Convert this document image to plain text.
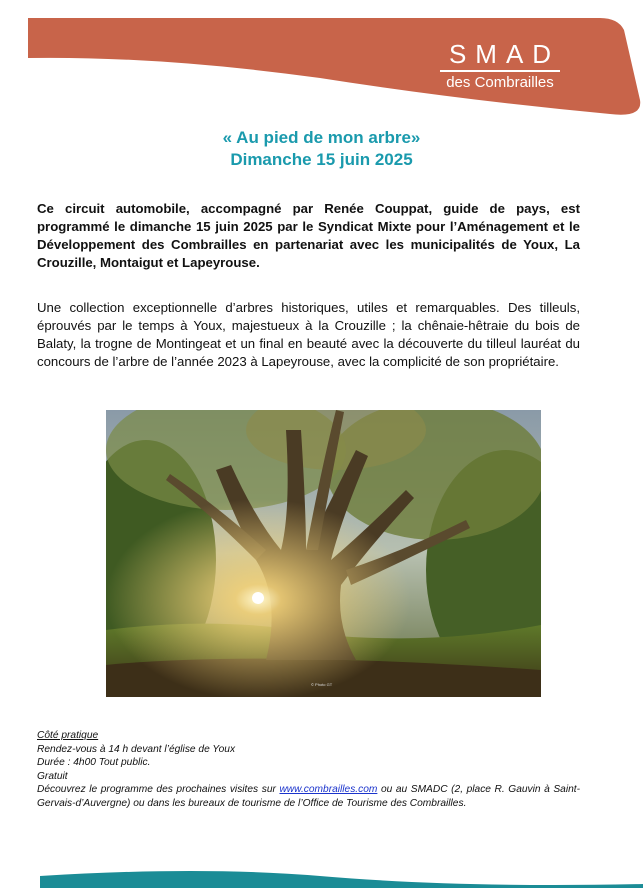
SMAD
des Combrailles
« Au pied de mon arbre»
Dimanche 15 juin 2025

Ce circuit automobile, accompagné par Renée Couppat, guide de pays, est programmé le dimanche 15 juin 2025 par le Syndicat Mixte pour l’Aménagement et le Développement des Combrailles en partenariat avec les municipalités de Youx, La Crouzille, Montaigut et Lapeyrouse.

Une collection exceptionnelle d’arbres historiques, utiles et remarquables. Des tilleuls, éprouvés par le temps à Youx, majestueux à la Crouzille ; la chênaie-hêtraie du bois de Balaty, la trogne de Montingeat et un final en beauté avec la découverte du tilleul lauréat du concours de l’arbre de l’année 2023 à Lapeyrouse, avec la complicité de son propriétaire.

© Photo GT
Côté pratique
Rendez-vous à 14 h devant l’église de Youx
Durée : 4h00 Tout public.
Gratuit
Découvrez le programme des prochaines visites sur www.combrailles.com ou au SMADC (2, place R. Gauvin à Saint-Gervais-d’Auvergne) ou dans les bureaux de tourisme de l’Office de Tourisme des Combrailles.
